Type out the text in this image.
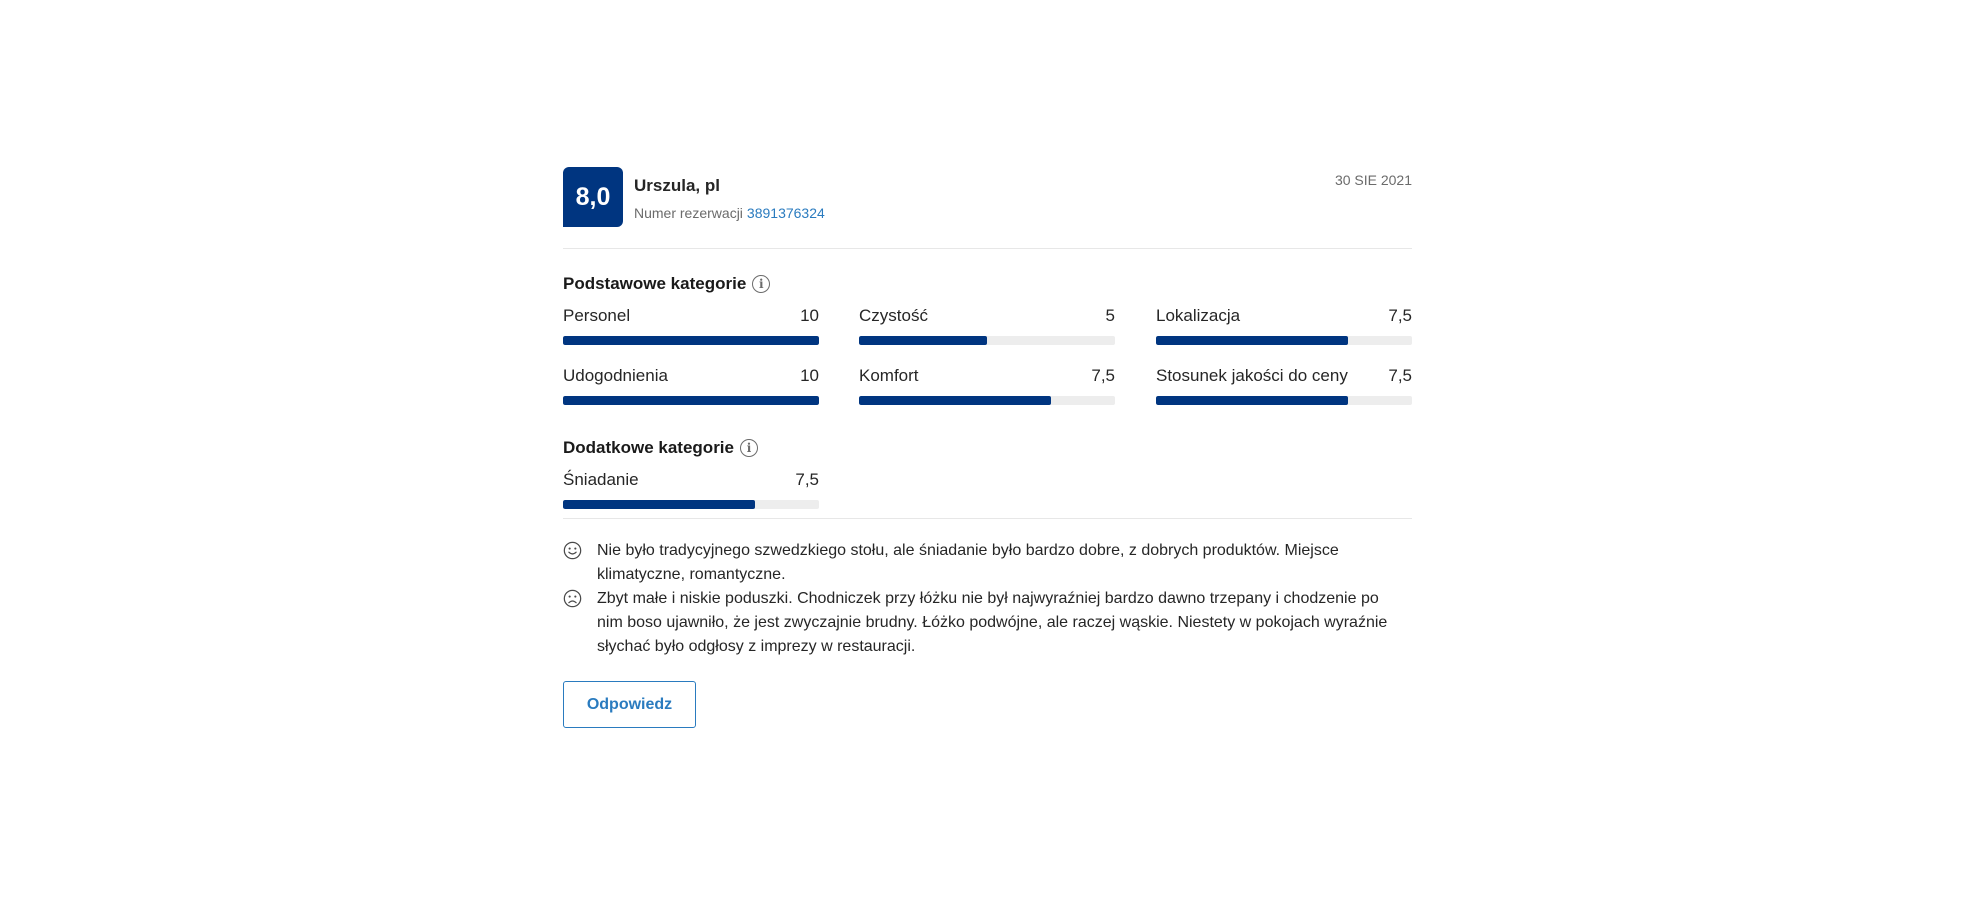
8,0	Urszula, pl
Numer rezerwacji 3891376324
30 SIE 2021
Podstawowe kategorie	i
Personel	10 Czystość	5 Lokalizacja	7,5
Udogodnienia	10 Komfort	7,5 Stosunek jakości do ceny 7,5
Dodatkowe kategorie	i
Śniadanie	7,5
Nie było tradycyjnego szwedzkiego stołu, ale śniadanie było bardzo dobre, z dobrych produktów. Miejsce klimatyczne, romantyczne.
Zbyt małe i niskie poduszki. Chodniczek przy łóżku nie był najwyraźniej bardzo dawno trzepany i chodzenie po nim boso ujawniło, że jest zwyczajnie brudny. Łóżko podwójne, ale raczej wąskie. Niestety w pokojach wyraźnie słychać było odgłosy z imprezy w restauracji.
Odpowiedz
